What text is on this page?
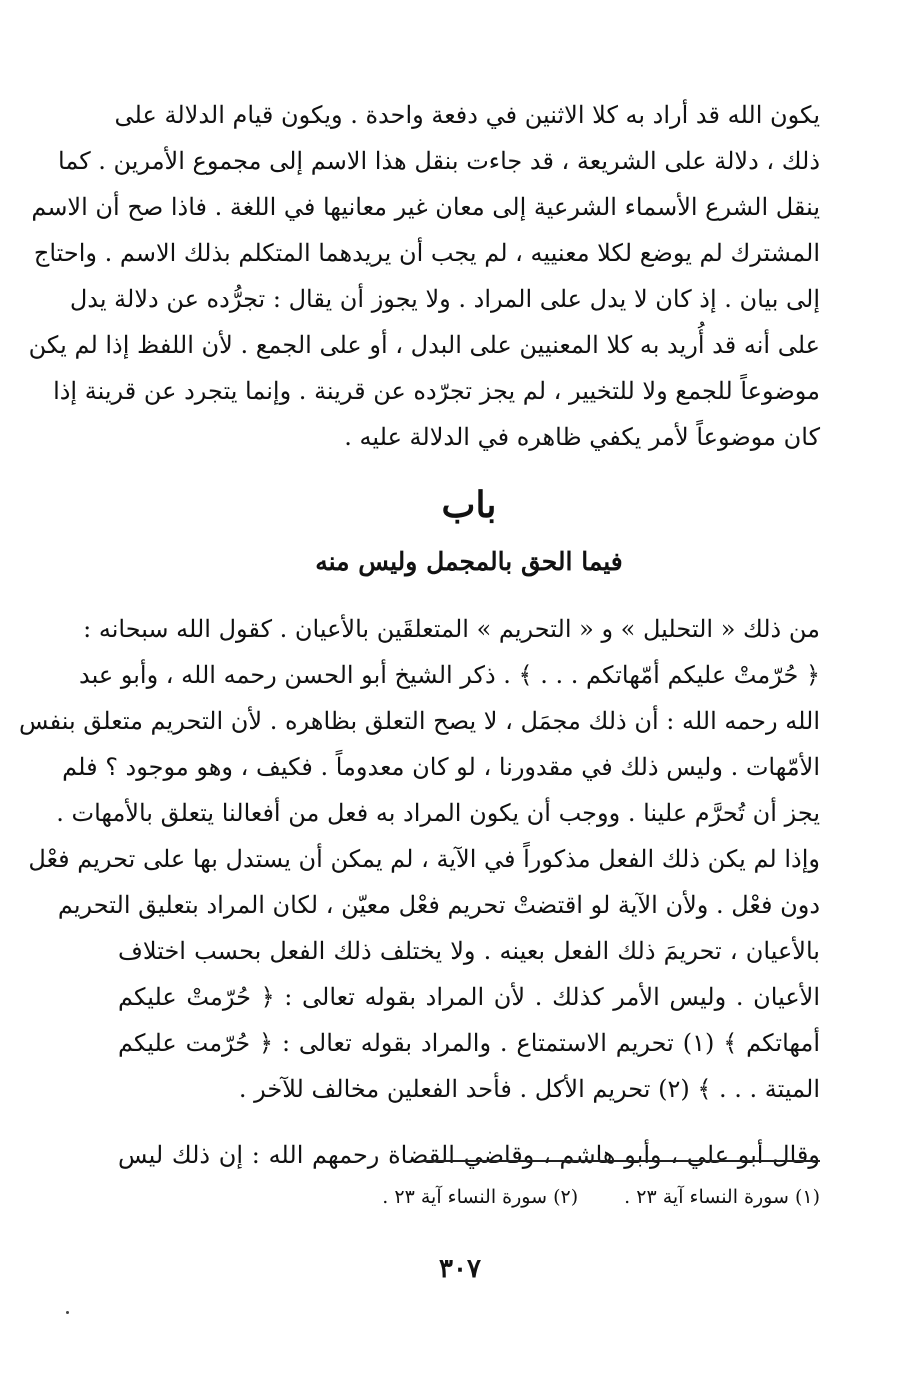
يكون الله قد أراد به كلا الاثنين في دفعة واحدة . ويكون قيام الدلالة على
ذلك ، دلالة على الشريعة ، قد جاءت بنقل هذا الاسم إلى مجموع الأمرين . كما
ينقل الشرع الأسماء الشرعية إلى معان غير معانيها في اللغة . فاذا صح أن الاسم
المشترك لم يوضع لكلا معنييه ، لم يجب أن يريدهما المتكلم بذلك الاسم . واحتاج
إلى بيان . إذ كان لا يدل على المراد . ولا يجوز أن يقال : تجرُّده عن دلالة يدل
على أنه قد أُريد به كلا المعنيين على البدل ، أو على الجمع . لأن اللفظ إذا لم يكن
موضوعاً للجمع ولا للتخيير ، لم يجز تجرّده عن قرينة . وإنما يتجرد عن قرينة إذا
كان موضوعاً لأمر يكفي ظاهره في الدلالة عليه .
باب
فيما الحق بالمجمل وليس منه
من ذلك « التحليل » و « التحريم » المتعلقَين بالأعيان . كقول الله سبحانه :
﴿ حُرّمتْ عليكم أمّهاتكم . . . ﴾ . ذكر الشيخ أبو الحسن رحمه الله ، وأبو عبد
الله رحمه الله : أن ذلك مجمَل ، لا يصح التعلق بظاهره . لأن التحريم متعلق بنفس
الأمّهات . وليس ذلك في مقدورنا ، لو كان معدوماً . فكيف ، وهو موجود ؟ فلم
يجز أن تُحرَّم علينا . ووجب أن يكون المراد به فعل من أفعالنا يتعلق بالأمهات .
وإذا لم يكن ذلك الفعل مذكوراً في الآية ، لم يمكن أن يستدل بها على تحريم فعْل
دون فعْل . ولأن الآية لو اقتضتْ تحريم فعْل معيّن ، لكان المراد بتعليق التحريم
بالأعيان ، تحريمَ ذلك الفعل بعينه . ولا يختلف ذلك الفعل بحسب اختلاف
الأعيان . وليس الأمر كذلك . لأن المراد بقوله تعالى : ﴿ حُرّمتْ عليكم
أمهاتكم ﴾ (١) تحريم الاستمتاع . والمراد بقوله تعالى : ﴿ حُرّمت عليكم
الميتة . . . ﴾ (٢) تحريم الأكل . فأحد الفعلين مخالف للآخر .
وقال أبو علي ، وأبو هاشم ، وقاضي القضاة رحمهم الله : إن ذلك ليس
(١) سورة النساء آية ٢٣ . (٢) سورة النساء آية ٢٣ .
٣٠٧
